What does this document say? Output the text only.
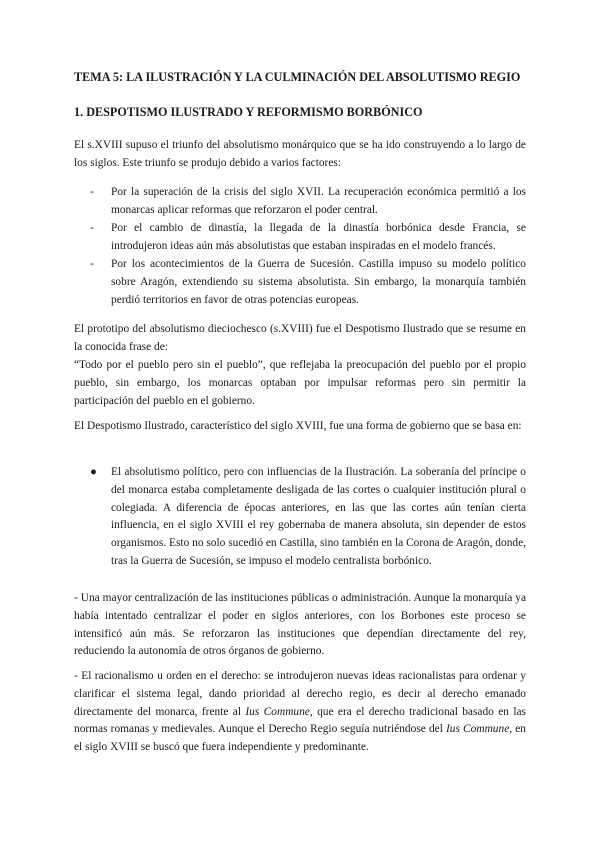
TEMA 5: LA ILUSTRACIÓN Y LA CULMINACIÓN DEL ABSOLUTISMO REGIO
1. DESPOTISMO ILUSTRADO Y REFORMISMO BORBÓNICO

El s.XVIII supuso el triunfo del absolutismo monárquico que se ha ido construyendo a lo largo de los siglos. Este triunfo se produjo debido a varios factores:

- Por la superación de la crisis del siglo XVII. La recuperación económica permitió a los monarcas aplicar reformas que reforzaron el poder central.

- Por el cambio de dinastía, la llegada de la dinastía borbónica desde Francia, se introdujeron ideas aún más absolutistas que estaban inspiradas en el modelo francés.

- Por los acontecimientos de la Guerra de Sucesión. Castilla impuso su modelo político sobre Aragón, extendiendo su sistema absolutista. Sin embargo, la monarquía también perdió territorios en favor de otras potencias europeas.

El prototipo del absolutismo dieciochesco (s.XVIII) fue el Despotismo Ilustrado que se resume en la conocida frase de:

“Todo por el pueblo pero sin el pueblo”, que reflejaba la preocupación del pueblo por el propio pueblo, sin embargo, los monarcas optaban por impulsar reformas pero sin permitir la participación del pueblo en el gobierno.

El Despotismo Ilustrado, característico del siglo XVIII, fue una forma de gobierno que se basa en:

● El absolutismo político, pero con influencias de la Ilustración. La soberanía del príncipe o del monarca estaba completamente desligada de las cortes o cualquier institución plural o colegiada. A diferencia de épocas anteriores, en las que las cortes aún tenían cierta influencia, en el siglo XVIII el rey gobernaba de manera absoluta, sin depender de estos organismos. Esto no solo sucedió en Castilla, sino también en la Corona de Aragón, donde, tras la Guerra de Sucesión, se impuso el modelo centralista borbónico.

- Una mayor centralización de las instituciones públicas o administración. Aunque la monarquía ya había intentado centralizar el poder en siglos anteriores, con los Borbones este proceso se intensificó aún más. Se reforzaron las instituciones que dependían directamente del rey, reduciendo la autonomía de otros órganos de gobierno.

- El racionalismo u orden en el derecho: se introdujeron nuevas ideas racionalistas para ordenar y clarificar el sistema legal, dando prioridad al derecho regio, es decir al derecho emanado directamente del monarca, frente al Ius Commune, que era el derecho tradicional basado en las normas romanas y medievales. Aunque el Derecho Regio seguía nutriéndose del Ius Commune, en el siglo XVIII se buscó que fuera independiente y predominante.
